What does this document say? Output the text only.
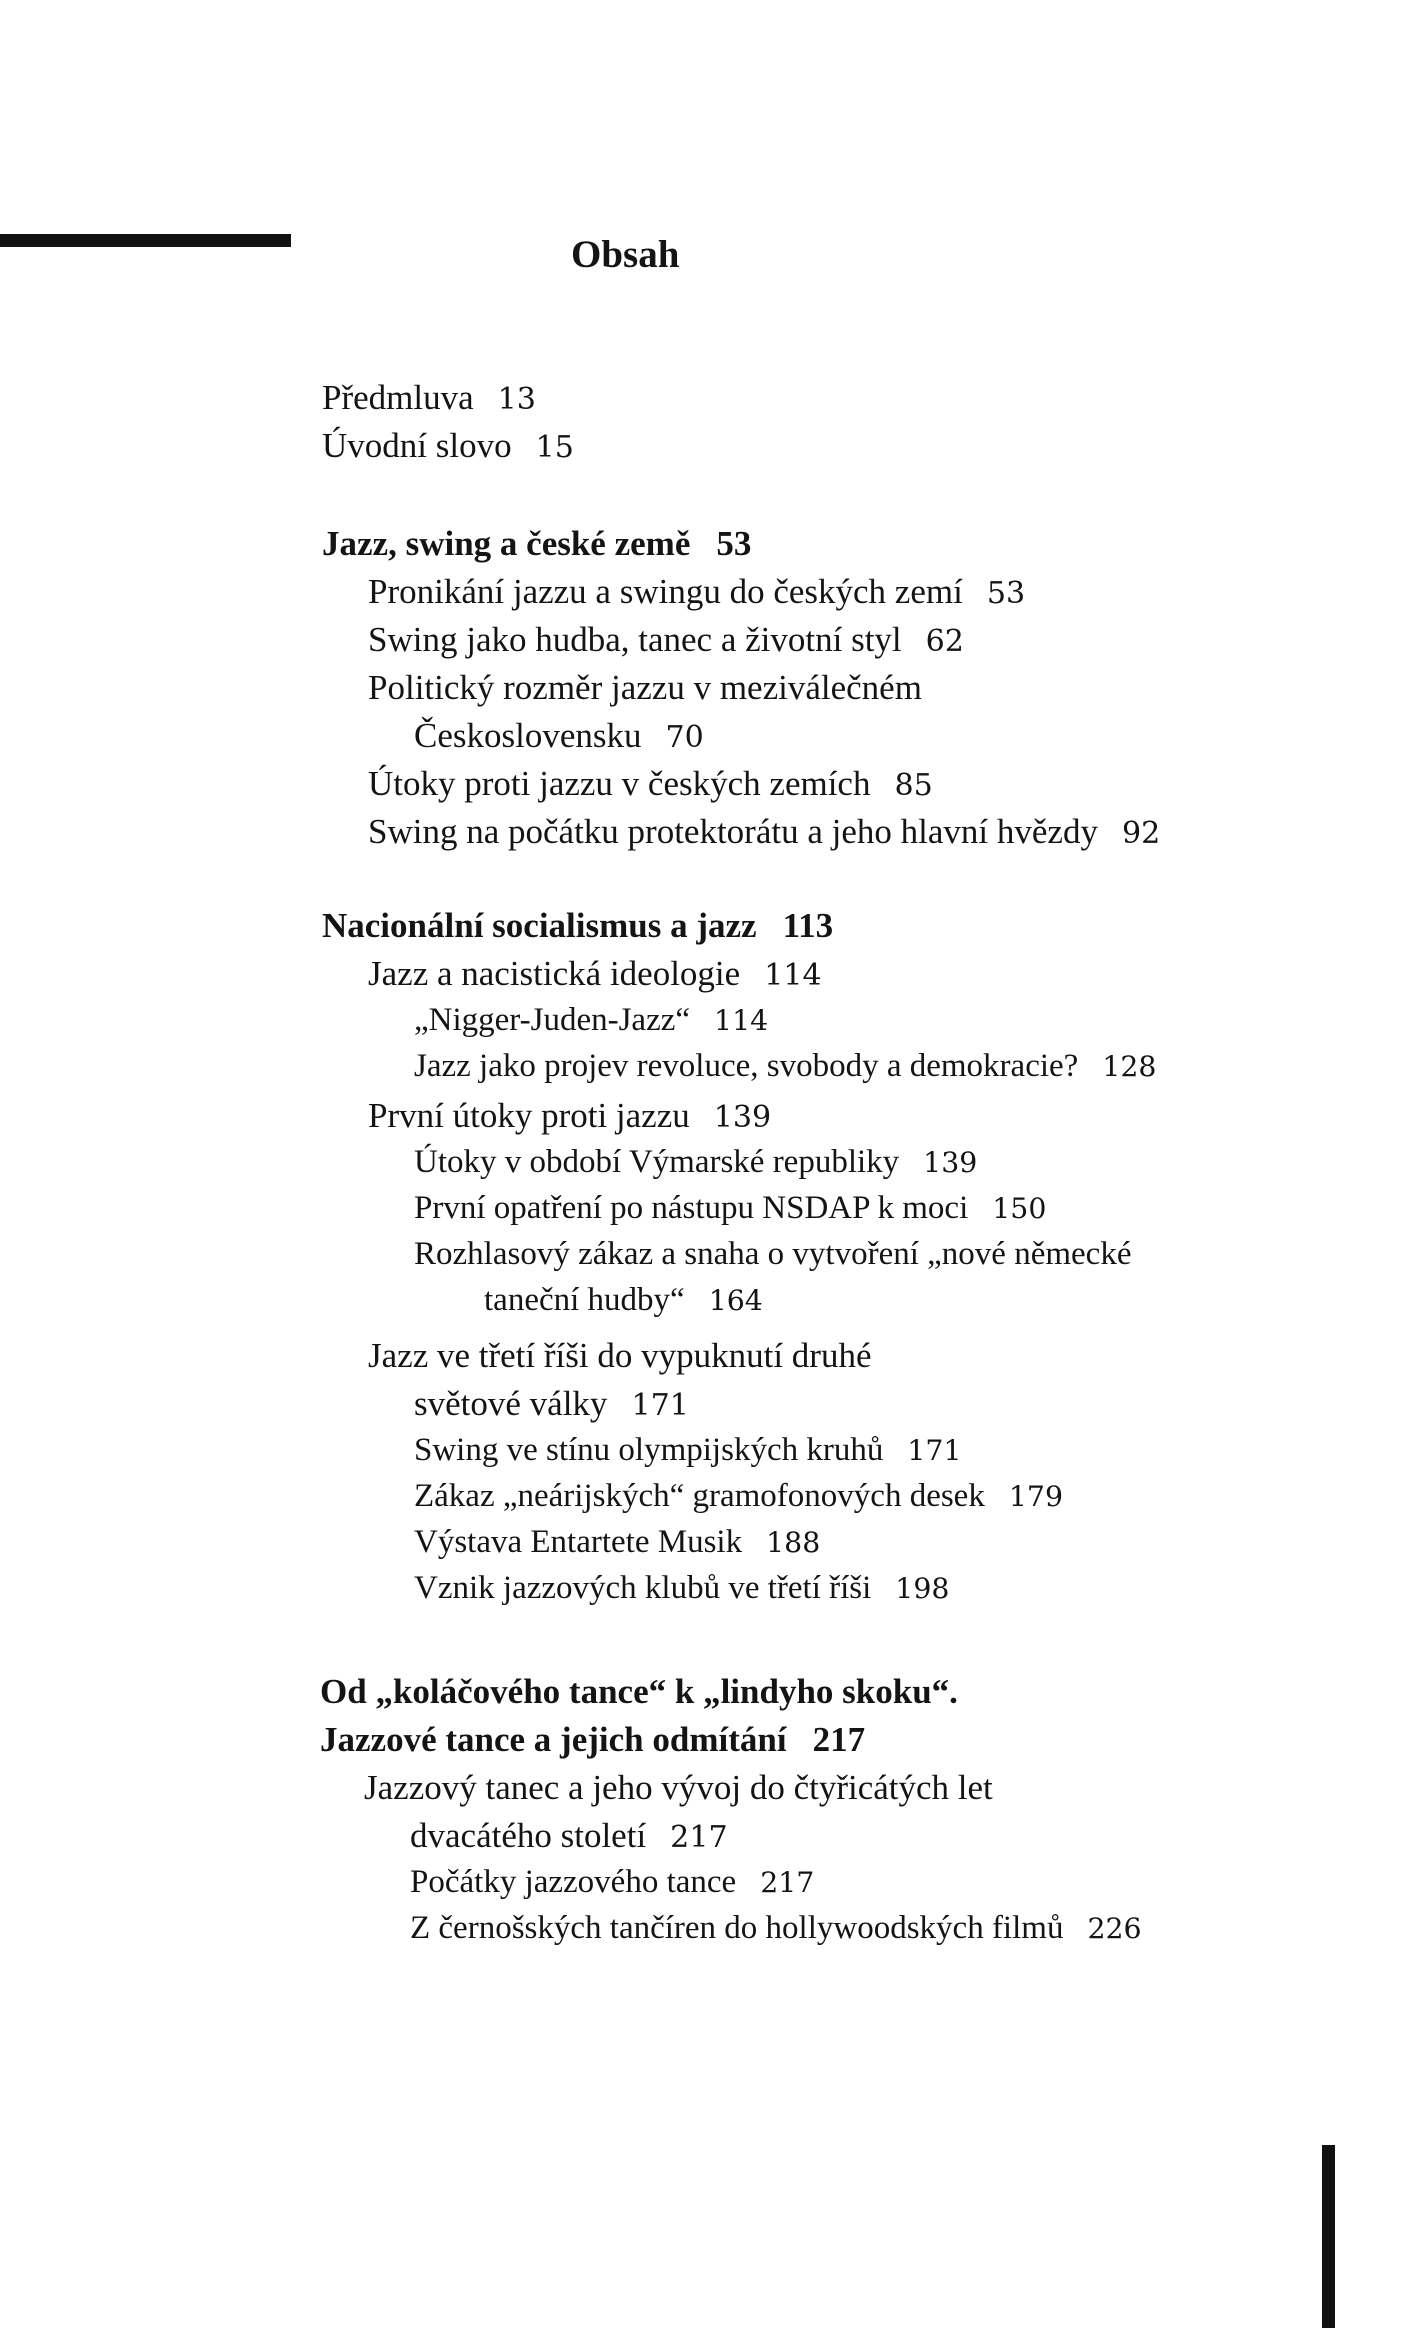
Obsah
Předmluva 13
Úvodní slovo 15
Jazz, swing a české země 53
Pronikání jazzu a swingu do českých zemí 53
Swing jako hudba, tanec a životní styl 62
Politický rozměr jazzu v meziválečném
Československu 70
Útoky proti jazzu v českých zemích 85
Swing na počátku protektorátu a jeho hlavní hvězdy 92
Nacionální socialismus a jazz 113
Jazz a nacistická ideologie 114
„Nigger-Juden-Jazz“ 114
Jazz jako projev revoluce, svobody a demokracie? 128
První útoky proti jazzu 139
Útoky v období Výmarské republiky 139
První opatření po nástupu NSDAP k moci 150
Rozhlasový zákaz a snaha o vytvoření „nové německé
taneční hudby“ 164
Jazz ve třetí říši do vypuknutí druhé
světové války 171
Swing ve stínu olympijských kruhů 171
Zákaz „neárijských“ gramofonových desek 179
Výstava Entartete Musik 188
Vznik jazzových klubů ve třetí říši 198
Od „koláčového tance“ k „lindyho skoku“.
Jazzové tance a jejich odmítání 217
Jazzový tanec a jeho vývoj do čtyřicátých let
dvacátého století 217
Počátky jazzového tance 217
Z černošských tančíren do hollywoodských filmů 226
